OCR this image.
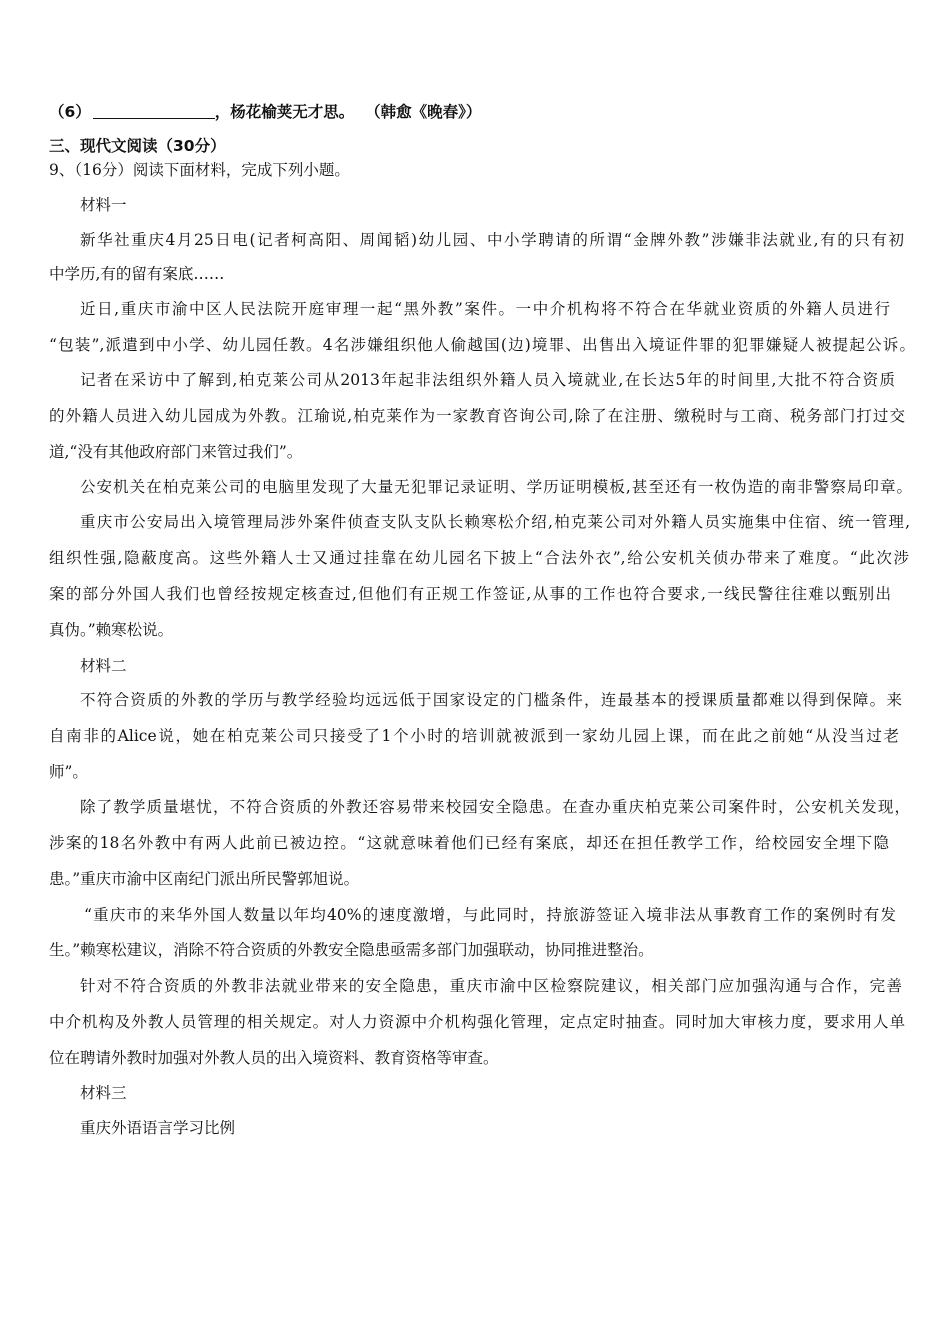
（6）	，杨花榆荚无才思。 （韩愈《晚春》）
三、现代文阅读（30分）
9、（16分）阅读下面材料，完成下列小题。
材料一
新华社重庆4月25日电(记者柯高阳、周闻韬)幼儿园、中小学聘请的所谓“金牌外教”涉嫌非法就业,有的只有初
中学历,有的留有案底……
近日,重庆市渝中区人民法院开庭审理一起“黑外教”案件。一中介机构将不符合在华就业资质的外籍人员进行
“包装”,派遣到中小学、幼儿园任教。4名涉嫌组织他人偷越国(边)境罪、出售出入境证件罪的犯罪嫌疑人被提起公诉。
记者在采访中了解到,柏克莱公司从2013年起非法组织外籍人员入境就业,在长达5年的时间里,大批不符合资质
的外籍人员进入幼儿园成为外教。江瑜说,柏克莱作为一家教育咨询公司,除了在注册、缴税时与工商、税务部门打过交
道,“没有其他政府部门来管过我们”。
公安机关在柏克莱公司的电脑里发现了大量无犯罪记录证明、学历证明模板,甚至还有一枚伪造的南非警察局印章。
重庆市公安局出入境管理局涉外案件侦查支队支队长赖寒松介绍,柏克莱公司对外籍人员实施集中住宿、统一管理,
组织性强,隐蔽度高。这些外籍人士又通过挂靠在幼儿园名下披上“合法外衣”,给公安机关侦办带来了难度。“此次涉
案的部分外国人我们也曾经按规定核查过,但他们有正规工作签证,从事的工作也符合要求,一线民警往往难以甄别出
真伪。”赖寒松说。
材料二
不符合资质的外教的学历与教学经验均远远低于国家设定的门槛条件，连最基本的授课质量都难以得到保障。来
自南非的Alice说，她在柏克莱公司只接受了1个小时的培训就被派到一家幼儿园上课，而在此之前她“从没当过老
师”。
除了教学质量堪忧，不符合资质的外教还容易带来校园安全隐患。在查办重庆柏克莱公司案件时，公安机关发现，
涉案的18名外教中有两人此前已被边控。“这就意味着他们已经有案底，却还在担任教学工作，给校园安全埋下隐
患。”重庆市渝中区南纪门派出所民警郭旭说。
“重庆市的来华外国人数量以年均40%的速度激增，与此同时，持旅游签证入境非法从事教育工作的案例时有发
生。”赖寒松建议，消除不符合资质的外教安全隐患亟需多部门加强联动，协同推进整治。
针对不符合资质的外教非法就业带来的安全隐患，重庆市渝中区检察院建议，相关部门应加强沟通与合作，完善
中介机构及外教人员管理的相关规定。对人力资源中介机构强化管理，定点定时抽查。同时加大审核力度，要求用人单
位在聘请外教时加强对外教人员的出入境资料、教育资格等审查。
材料三
重庆外语语言学习比例
